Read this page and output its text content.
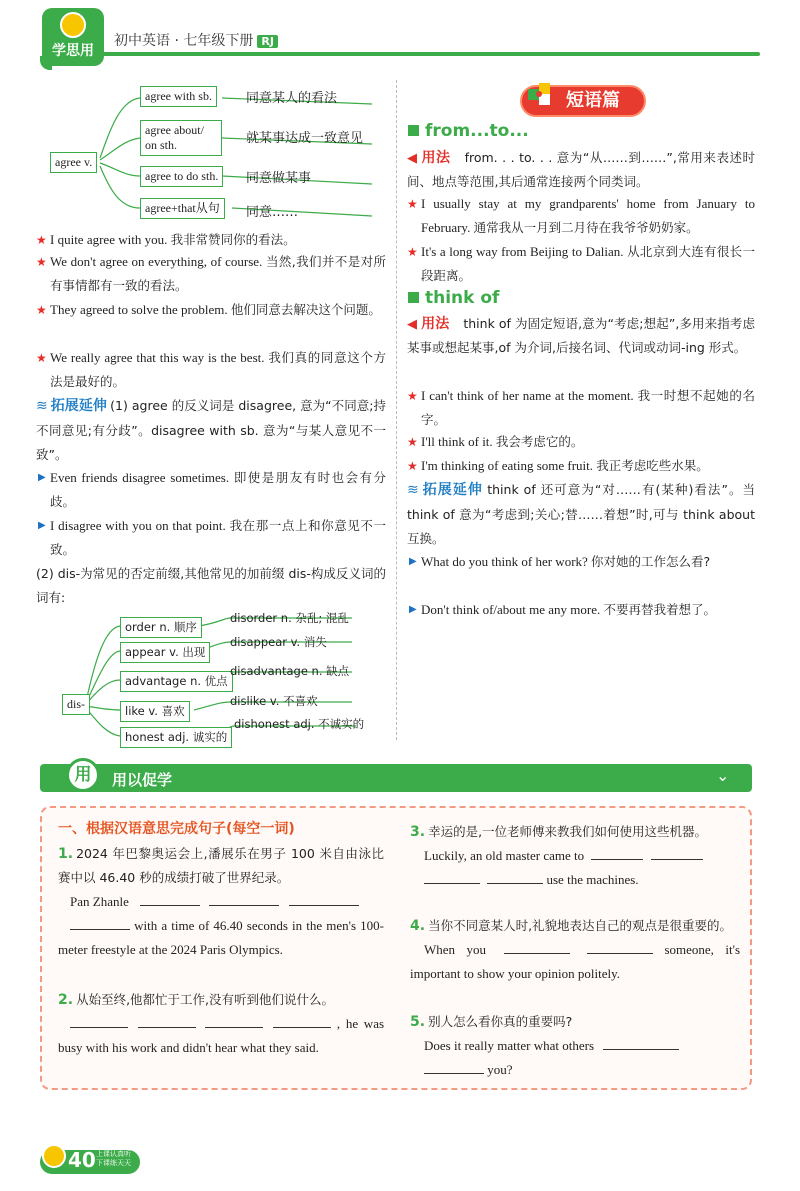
学思用
初中英语 · 七年级下册 RJ
agree v.
agree with sb.
agree about/ on sth.
agree to do sth.
agree+that从句
同意某人的看法
就某事达成一致意见
同意做某事
同意……
★ I quite agree with you. 我非常赞同你的看法。
★ We don't agree on everything, of course. 当然,我们并不是对所有事情都有一致的看法。
★ They agreed to solve the problem. 他们同意去解决这个问题。
★ We really agree that this way is the best. 我们真的同意这个方法是最好的。
≋ 拓展延伸 (1) agree 的反义词是 disagree, 意为“不同意;持不同意见;有分歧”。disagree with sb. 意为“与某人意见不一致”。
▶ Even friends disagree sometimes. 即使是朋友有时也会有分歧。
▶ I disagree with you on that point. 我在那一点上和你意见不一致。
(2) dis-为常见的否定前缀,其他常见的加前缀 dis-构成反义词的词有:
dis-
order n. 顺序
appear v. 出现
advantage n. 优点
like v. 喜欢
honest adj. 诚实的
disorder n. 杂乱; 混乱
disappear v. 消失
disadvantage n. 缺点
dislike v. 不喜欢
dishonest adj. 不诚实的
短语篇
from...to...
◀ 用法 from. . . to. . . 意为“从……到……”,常用来表述时间、地点等范围,其后通常连接两个同类词。
★ I usually stay at my grandparents' home from January to February. 通常我从一月到二月待在我爷爷奶奶家。
★ It's a long way from Beijing to Dalian. 从北京到大连有很长一段距离。
think of
◀ 用法 think of 为固定短语,意为“考虑;想起”,多用来指考虑某事或想起某事,of 为介词,后接名词、代词或动词-ing 形式。
★ I can't think of her name at the moment. 我一时想不起她的名字。
★ I'll think of it. 我会考虑它的。
★ I'm thinking of eating some fruit. 我正考虑吃些水果。
≋ 拓展延伸 think of 还可意为“对……有(某种)看法”。当 think of 意为“考虑到;关心;替……着想”时,可与 think about 互换。
▶ What do you think of her work? 你对她的工作怎么看?
▶ Don't think of/about me any more. 不要再替我着想了。
用	用以促学	⌄
一、根据汉语意思完成句子(每空一词)
1. 2024 年巴黎奥运会上,潘展乐在男子 100 米自由泳比赛中以 46.40 秒的成绩打破了世界纪录。
Pan Zhanle
with a time of 46.40 seconds in the men's 100-meter freestyle at the 2024 Paris Olympics.
2. 从始至终,他都忙于工作,没有听到他们说什么。
, he was busy with his work and didn't hear what they said.
3. 幸运的是,一位老师傅来教我们如何使用这些机器。
Luckily, an old master came to
use the machines.
4. 当你不同意某人时,礼貌地表达自己的观点是很重要的。
When you	someone, it's important to show your opinion politely.
5. 别人怎么看你真的重要吗?
Does it really matter what others
you?
40 上课认真听 下课练天天
